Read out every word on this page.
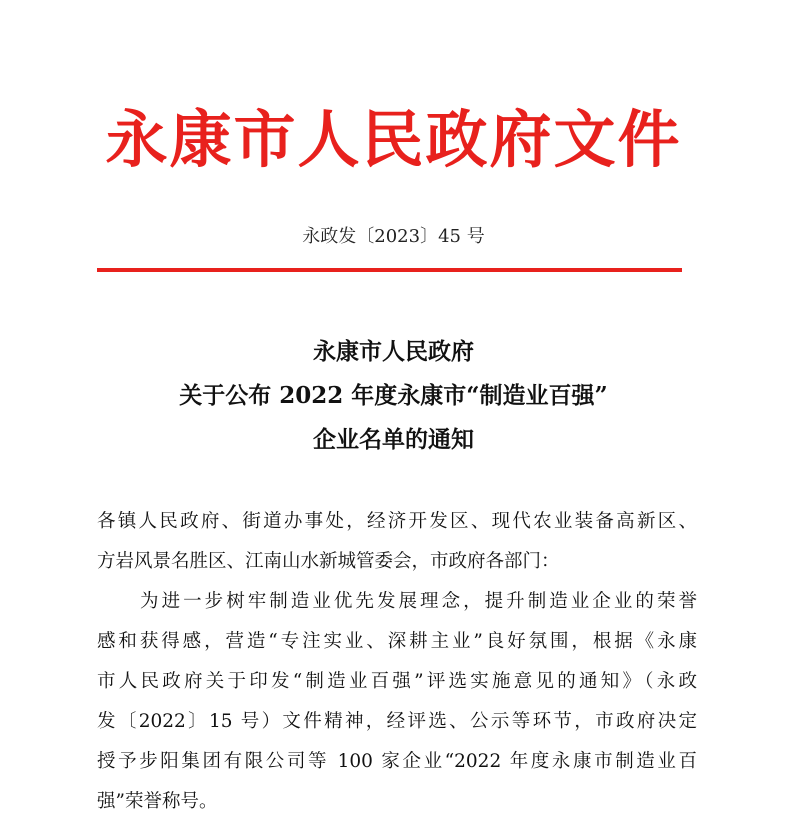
永康市人民政府文件
永政发〔2023〕45 号
永康市人民政府
关于公布 2022 年度永康市“制造业百强”
企业名单的通知
各镇人民政府、街道办事处，经济开发区、现代农业装备高新区、
方岩风景名胜区、江南山水新城管委会，市政府各部门：
为进一步树牢制造业优先发展理念，提升制造业企业的荣誉
感和获得感，营造“专注实业、深耕主业”良好氛围，根据《永康
市人民政府关于印发“制造业百强”评选实施意见的通知》（永政
发〔2022〕15 号）文件精神，经评选、公示等环节，市政府决定
授予步阳集团有限公司等 100 家企业“2022 年度永康市制造业百
强”荣誉称号。
